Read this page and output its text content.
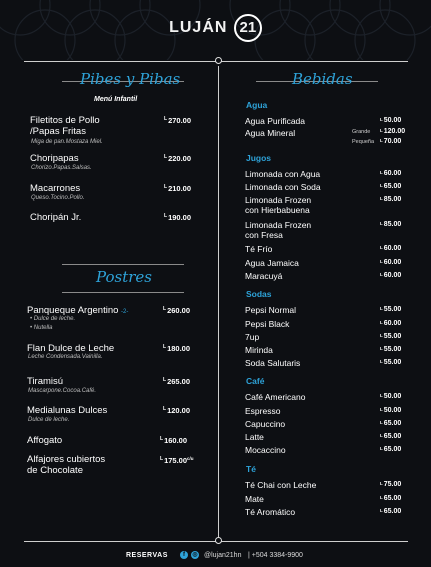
LUJÁN 21
Pibes y Pibas
Menú Infantil
Filetitos de Pollo
/Papas Fritas
Miga de pan.Mostaza Miel.
$^L$270.00
Choripapas
Chorizo.Papas.Salsas.
$^L$220.00
Macarrones
Queso.Tocino.Pollo.
$^L$210.00
Choripán Jr.	$^L$190.00
Postres
Panqueque Argentino -2-
• Dulce de leche.
• Nutella
$^L$260.00
Flan Dulce de Leche
Leche Condensada.Vainilla.
$^L$180.00
Tiramisú
Mascarpone.Cocoa.Café.
$^L$265.00
Medialunas Dulces
Dulce de leche.
$^L$120.00
Affogato	$^L$160.00
Alfajores cubiertos
de Chocolate
$^L175.00^{c/u}$
Bebidas
Agua
Agua Purificada	$^L$50.00
Agua Mineral	Grande $^L$120.00
Pequeña $^L$70.00
Jugos
Limonada con Agua	$^L$60.00
Limonada con Soda	$^L$65.00
Limonada Frozen
con Hierbabuena
$^L$85.00
Limonada Frozen
con Fresa
$^L$85.00
Té Frío	$^L$60.00
Agua Jamaica	$^L$60.00
Maracuyá	$^L$60.00
Sodas
Pepsi Normal	$^L$55.00
Pepsi Black	$^L$60.00
7up	$^L$55.00
Mirinda	$^L$55.00
Soda Salutaris	$^L$55.00
Café
Café Americano	$^L$50.00
Espresso	$^L$50.00
Capuccino	$^L$65.00
Latte	$^L$65.00
Mocaccino	$^L$65.00
Té
Té Chai con Leche	$^L$75.00
Mate	$^L$65.00
Té Aromático	$^L$65.00
RESERVAS	f	◎ @lujan21hn | +504 3384-9900
